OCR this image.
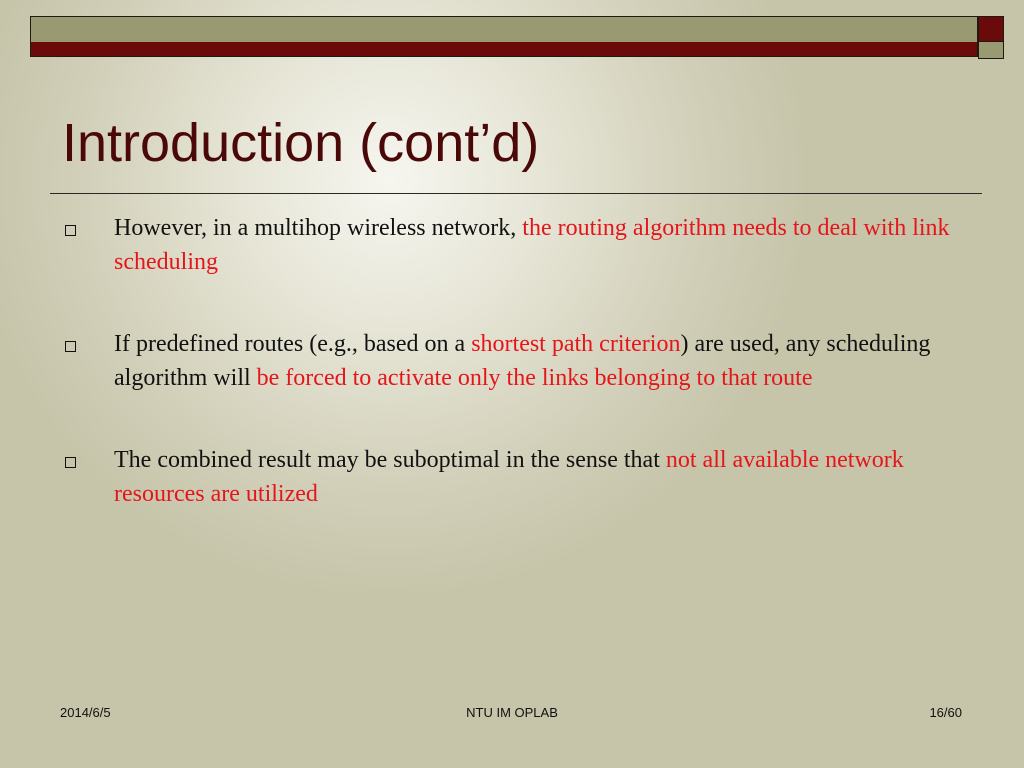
Introduction (cont’d)
However, in a multihop wireless network, the routing algorithm needs to deal with link scheduling
If predefined routes (e.g., based on a shortest path criterion) are used, any scheduling algorithm will be forced to activate only the links belonging to that route
The combined result may be suboptimal in the sense that not all available network resources are utilized
2014/6/5	NTU IM OPLAB	16/60
